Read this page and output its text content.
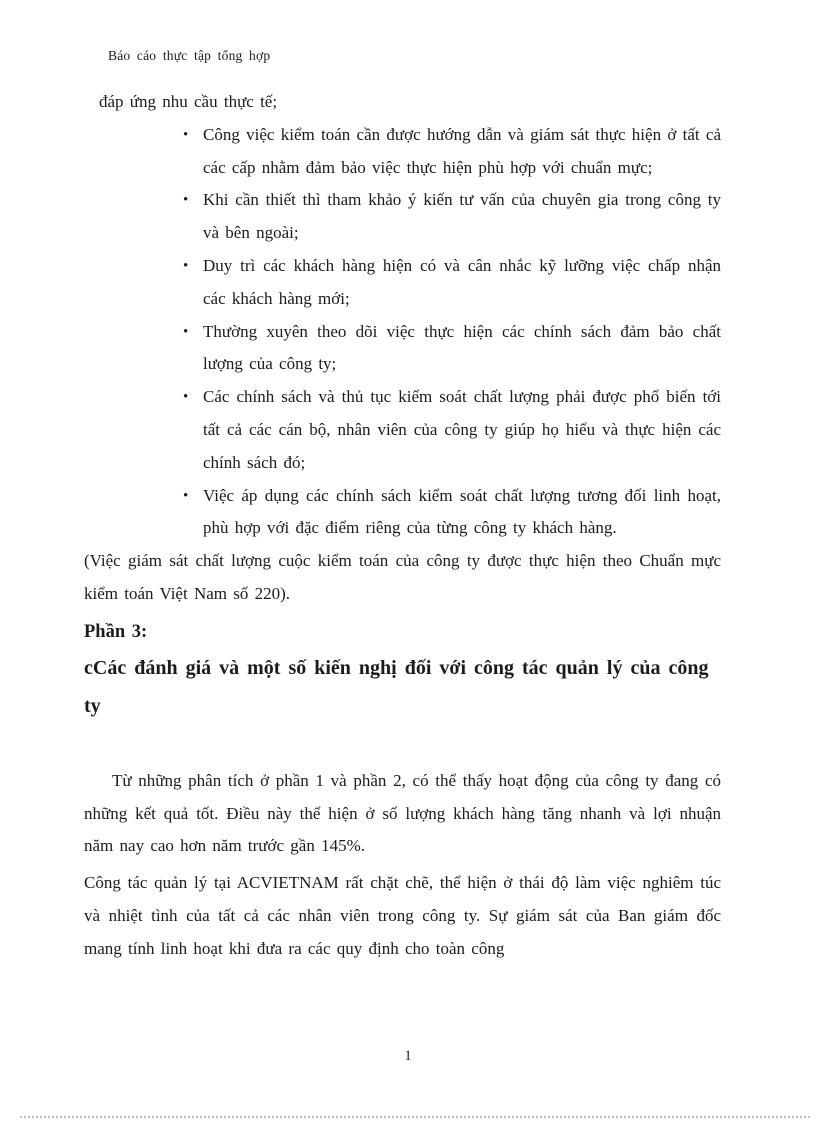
Báo cáo thực tập tổng hợp

đáp ứng nhu cầu thực tế;

• Công việc kiểm toán cần được hướng dẫn và giám sát thực hiện ở tất cả các cấp nhằm đảm bảo việc thực hiện phù hợp với chuẩn mực;
• Khi cần thiết thì tham khảo ý kiến tư vấn của chuyên gia trong công ty và bên ngoài;
• Duy trì các khách hàng hiện có và cân nhắc kỹ lưỡng việc chấp nhận các khách hàng mới;
• Thường xuyên theo dõi việc thực hiện các chính sách đảm bảo chất lượng của công ty;
• Các chính sách và thủ tục kiểm soát chất lượng phải được phổ biến tới tất cả các cán bộ, nhân viên của công ty giúp họ hiểu và thực hiện các chính sách đó;
• Việc áp dụng các chính sách kiểm soát chất lượng tương đối linh hoạt, phù hợp với đặc điểm riêng của từng công ty khách hàng.

(Việc giám sát chất lượng cuộc kiểm toán của công ty được thực hiện theo Chuẩn mực kiểm toán Việt Nam số 220).

Phần 3:
cCác đánh giá và một số kiến nghị đối với công tác quản lý của công ty

Từ những phân tích ở phần 1 và phần 2, có thể thấy hoạt động của công ty đang có những kết quả tốt. Điều này thể hiện ở số lượng khách hàng tăng nhanh và lợi nhuận năm nay cao hơn năm trước gần 145%.

Công tác quản lý tại ACVIETNAM rất chặt chẽ, thể hiện ở thái độ làm việc nghiêm túc và nhiệt tình của tất cả các nhân viên trong công ty. Sự giám sát của Ban giám đốc mang tính linh hoạt khi đưa ra các quy định cho toàn công

1
